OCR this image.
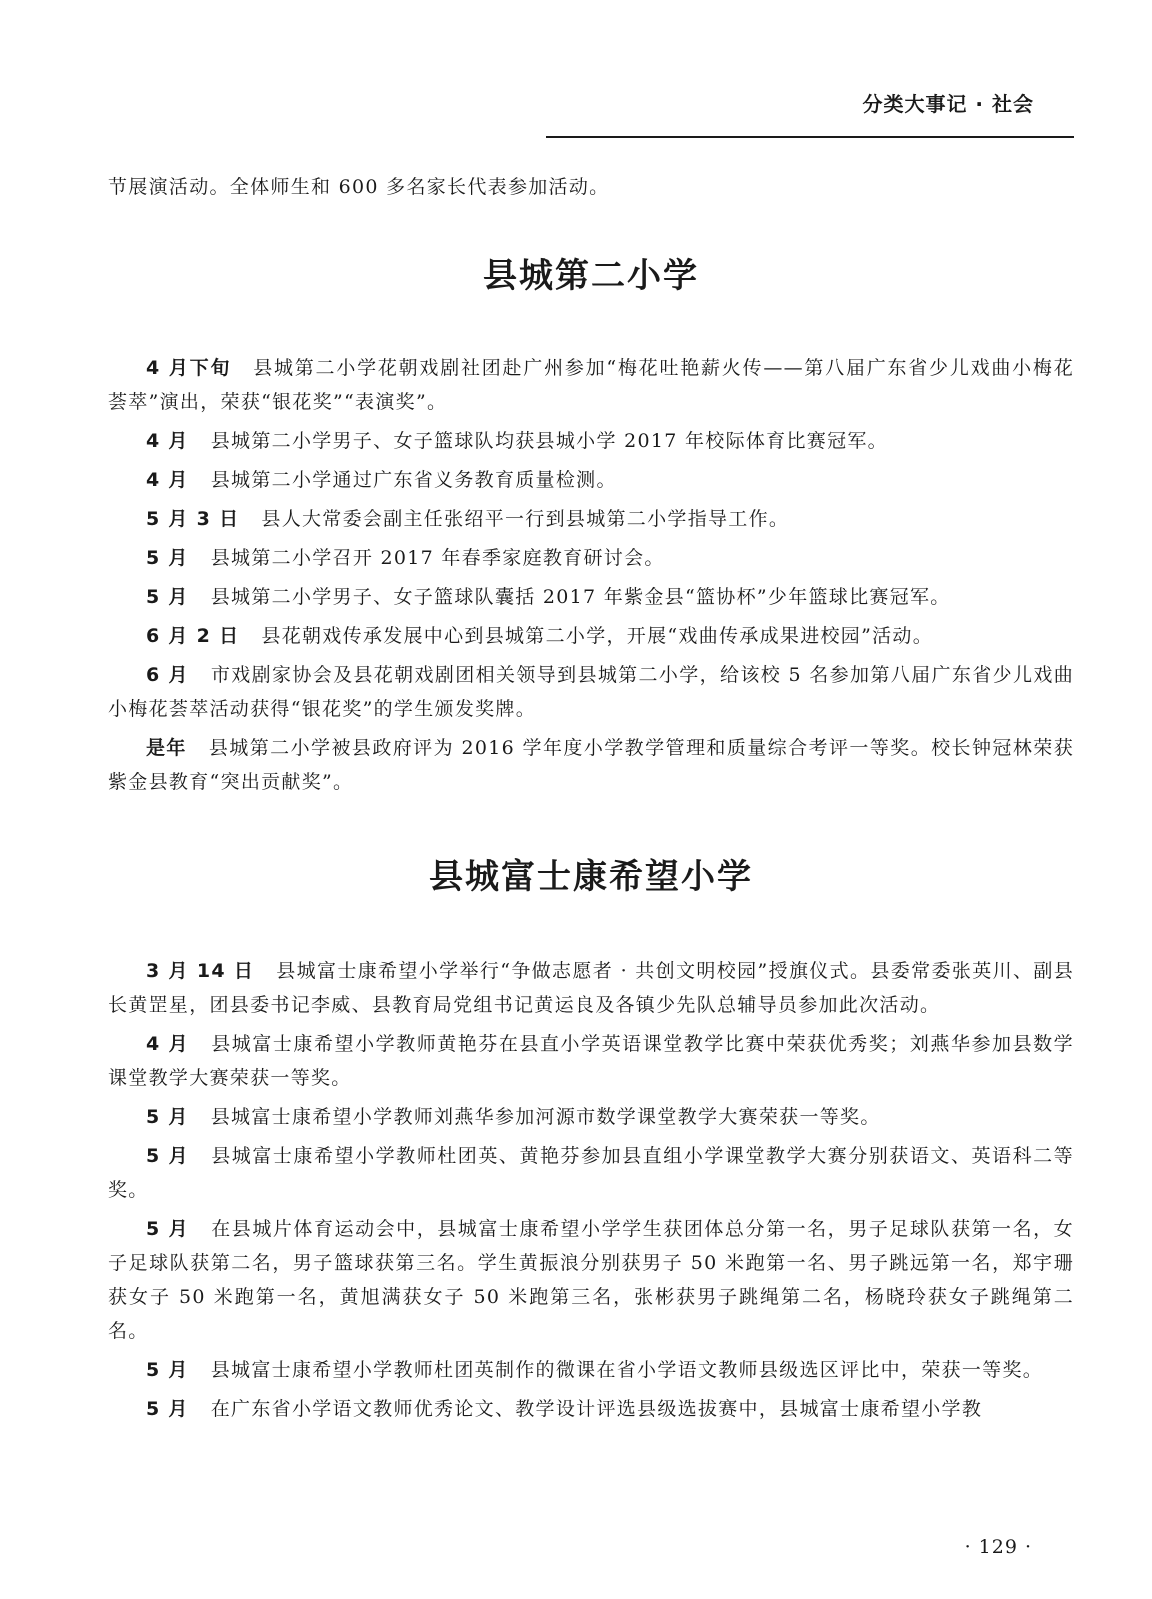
分类大事记 · 社会

节展演活动。全体师生和 600 多名家长代表参加活动。

县城第二小学

4 月下旬 县城第二小学花朝戏剧社团赴广州参加“梅花吐艳薪火传——第八届广东省少儿戏曲小梅花荟萃”演出，荣获“银花奖”“表演奖”。

4 月 县城第二小学男子、女子篮球队均获县城小学 2017 年校际体育比赛冠军。

4 月 县城第二小学通过广东省义务教育质量检测。

5 月 3 日 县人大常委会副主任张绍平一行到县城第二小学指导工作。

5 月 县城第二小学召开 2017 年春季家庭教育研讨会。

5 月 县城第二小学男子、女子篮球队囊括 2017 年紫金县“篮协杯”少年篮球比赛冠军。

6 月 2 日 县花朝戏传承发展中心到县城第二小学，开展“戏曲传承成果进校园”活动。

6 月 市戏剧家协会及县花朝戏剧团相关领导到县城第二小学，给该校 5 名参加第八届广东省少儿戏曲小梅花荟萃活动获得“银花奖”的学生颁发奖牌。

是年 县城第二小学被县政府评为 2016 学年度小学教学管理和质量综合考评一等奖。校长钟冠林荣获紫金县教育“突出贡献奖”。

县城富士康希望小学

3 月 14 日 县城富士康希望小学举行“争做志愿者 · 共创文明校园”授旗仪式。县委常委张英川、副县长黄罡星，团县委书记李威、县教育局党组书记黄运良及各镇少先队总辅导员参加此次活动。

4 月 县城富士康希望小学教师黄艳芬在县直小学英语课堂教学比赛中荣获优秀奖；刘燕华参加县数学课堂教学大赛荣获一等奖。

5 月 县城富士康希望小学教师刘燕华参加河源市数学课堂教学大赛荣获一等奖。

5 月 县城富士康希望小学教师杜团英、黄艳芬参加县直组小学课堂教学大赛分别获语文、英语科二等奖。

5 月 在县城片体育运动会中，县城富士康希望小学学生获团体总分第一名，男子足球队获第一名，女子足球队获第二名，男子篮球获第三名。学生黄振浪分别获男子 50 米跑第一名、男子跳远第一名，郑宇珊获女子 50 米跑第一名，黄旭满获女子 50 米跑第三名，张彬获男子跳绳第二名，杨晓玲获女子跳绳第二名。

5 月 县城富士康希望小学教师杜团英制作的微课在省小学语文教师县级选区评比中，荣获一等奖。

5 月 在广东省小学语文教师优秀论文、教学设计评选县级选拔赛中，县城富士康希望小学教

· 129 ·
